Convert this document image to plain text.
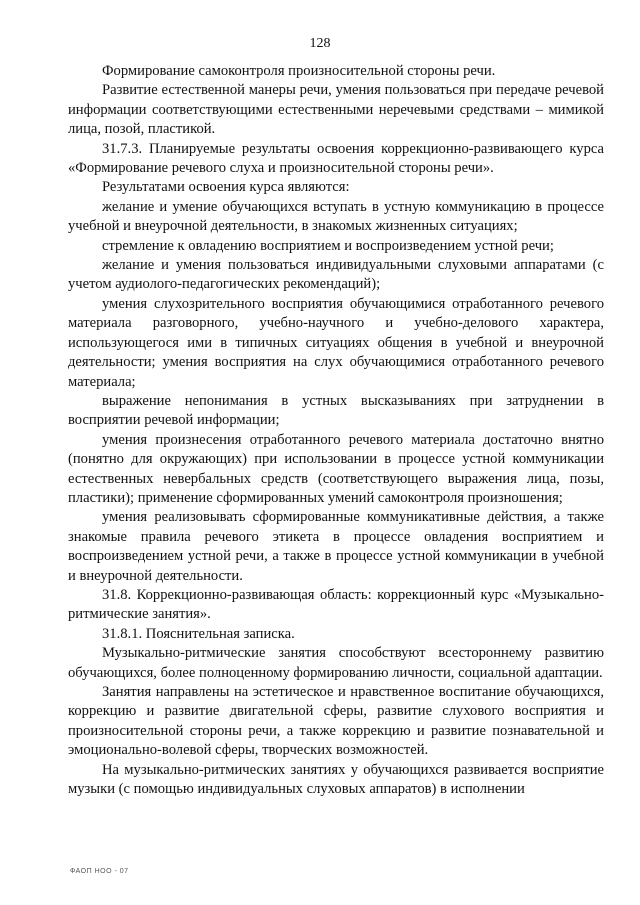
128

Формирование самоконтроля произносительной стороны речи.

Развитие естественной манеры речи, умения пользоваться при передаче речевой информации соответствующими естественными неречевыми средствами – мимикой лица, позой, пластикой.

31.7.3. Планируемые результаты освоения коррекционно-развивающего курса «Формирование речевого слуха и произносительной стороны речи».

Результатами освоения курса являются:

желание и умение обучающихся вступать в устную коммуникацию в процессе учебной и внеурочной деятельности, в знакомых жизненных ситуациях;

стремление к овладению восприятием и воспроизведением устной речи;

желание и умения пользоваться индивидуальными слуховыми аппаратами (с учетом аудиолого-педагогических рекомендаций);

умения слухозрительного восприятия обучающимися отработанного речевого материала разговорного, учебно-научного и учебно-делового характера, использующегося ими в типичных ситуациях общения в учебной и внеурочной деятельности; умения восприятия на слух обучающимися отработанного речевого материала;

выражение непонимания в устных высказываниях при затруднении в восприятии речевой информации;

умения произнесения отработанного речевого материала достаточно внятно (понятно для окружающих) при использовании в процессе устной коммуникации естественных невербальных средств (соответствующего выражения лица, позы, пластики); применение сформированных умений самоконтроля произношения;

умения реализовывать сформированные коммуникативные действия, а также знакомые правила речевого этикета в процессе овладения восприятием и воспроизведением устной речи, а также в процессе устной коммуникации в учебной и внеурочной деятельности.

31.8. Коррекционно-развивающая область: коррекционный курс «Музыкально-ритмические занятия».

31.8.1. Пояснительная записка.

Музыкально-ритмические занятия способствуют всестороннему развитию обучающихся, более полноценному формированию личности, социальной адаптации.

Занятия направлены на эстетическое и нравственное воспитание обучающихся, коррекцию и развитие двигательной сферы, развитие слухового восприятия и произносительной стороны речи, а также коррекцию и развитие познавательной и эмоционально-волевой сферы, творческих возможностей.

На музыкально-ритмических занятиях у обучающихся развивается восприятие музыки (с помощью индивидуальных слуховых аппаратов) в исполнении

ФАОП НОО - 07
